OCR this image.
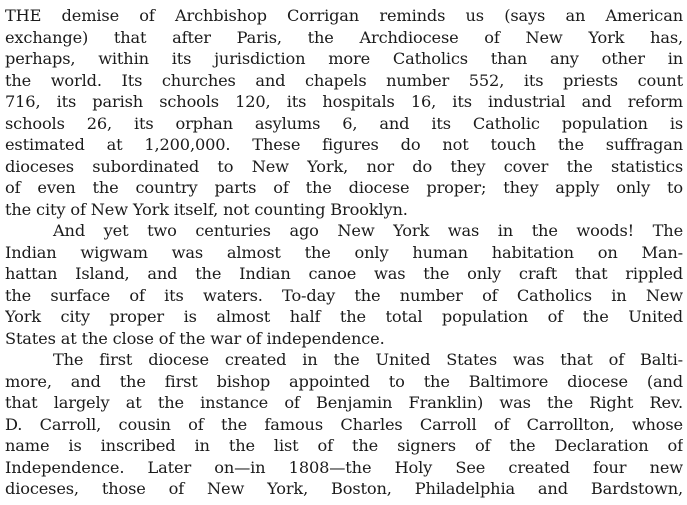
THE demise of Archbishop Corrigan reminds us (says an American
exchange) that after Paris, the Archdiocese of New York has,
perhaps, within its jurisdiction more Catholics than any other in
the world. Its churches and chapels number 552, its priests count
716, its parish schools 120, its hospitals 16, its industrial and reform
schools 26, its orphan asylums 6, and its Catholic population is
estimated at 1,200,000. These figures do not touch the suffragan
dioceses subordinated to New York, nor do they cover the statistics
of even the country parts of the diocese proper; they apply only to
the city of New York itself, not counting Brooklyn.
And yet two centuries ago New York was in the woods! The
Indian wigwam was almost the only human habitation on Man-
hattan Island, and the Indian canoe was the only craft that rippled
the surface of its waters. To-day the number of Catholics in New
York city proper is almost half the total population of the United
States at the close of the war of independence.
The first diocese created in the United States was that of Balti-
more, and the first bishop appointed to the Baltimore diocese (and
that largely at the instance of Benjamin Franklin) was the Right Rev.
D. Carroll, cousin of the famous Charles Carroll of Carrollton, whose
name is inscribed in the list of the signers of the Declaration of
Independence. Later on—in 1808—the Holy See created four new
dioceses, those of New York, Boston, Philadelphia and Bardstown,
